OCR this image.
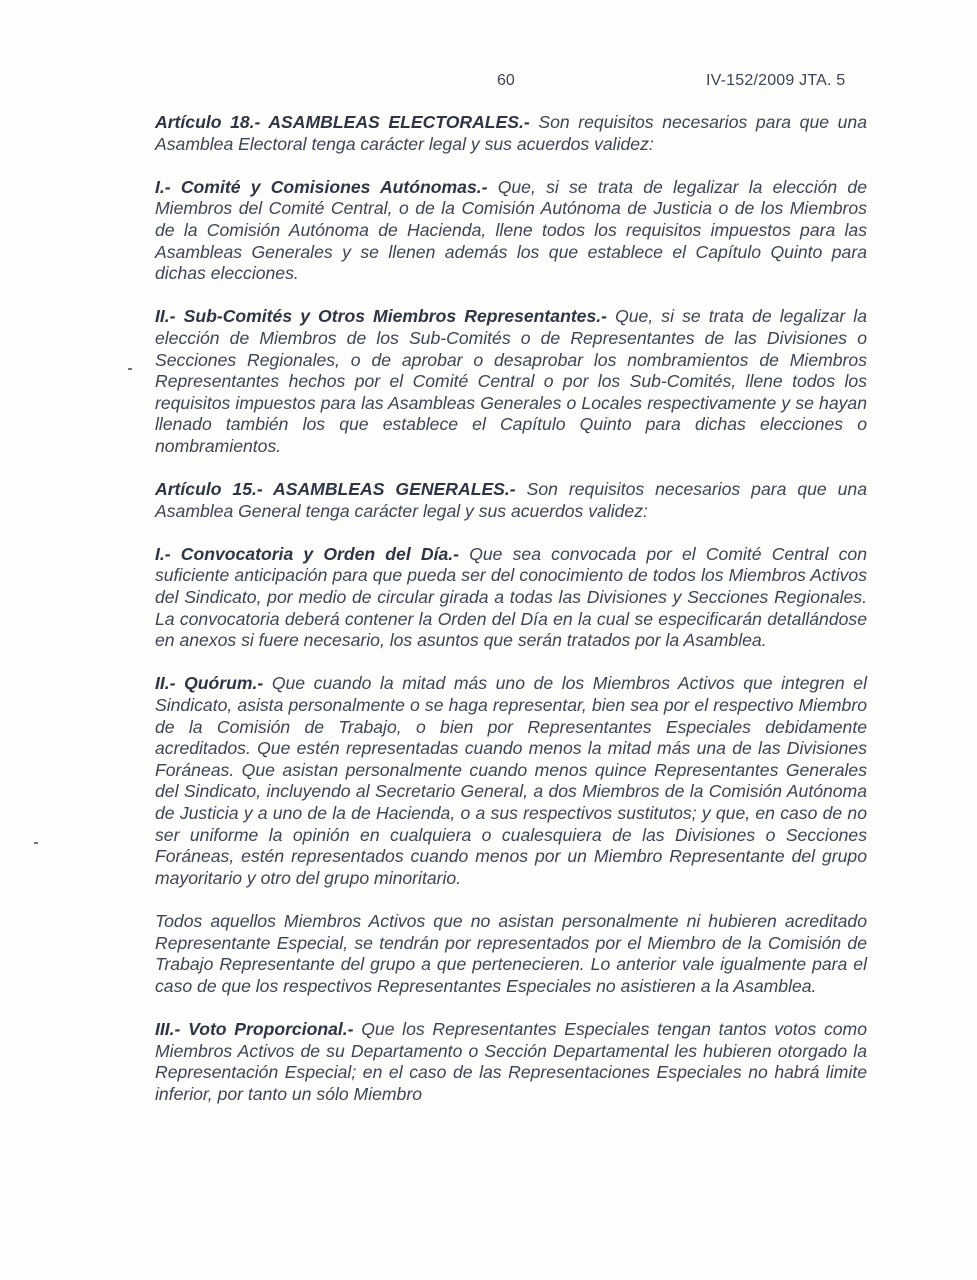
60	IV-152/2009 JTA. 5

Artículo 18.- ASAMBLEAS ELECTORALES.- Son requisitos necesarios para que una Asamblea Electoral tenga carácter legal y sus acuerdos validez:

I.- Comité y Comisiones Autónomas.- Que, si se trata de legalizar la elección de Miembros del Comité Central, o de la Comisión Autónoma de Justicia o de los Miembros de la Comisión Autónoma de Hacienda, llene todos los requisitos impuestos para las Asambleas Generales y se llenen además los que establece el Capítulo Quinto para dichas elecciones.

II.- Sub-Comités y Otros Miembros Representantes.- Que, si se trata de legalizar la elección de Miembros de los Sub-Comités o de Representantes de las Divisiones o Secciones Regionales, o de aprobar o desaprobar los nombramientos de Miembros Representantes hechos por el Comité Central o por los Sub-Comités, llene todos los requisitos impuestos para las Asambleas Generales o Locales respectivamente y se hayan llenado también los que establece el Capítulo Quinto para dichas elecciones o nombramientos.

Artículo 15.- ASAMBLEAS GENERALES.- Son requisitos necesarios para que una Asamblea General tenga carácter legal y sus acuerdos validez:

I.- Convocatoria y Orden del Día.- Que sea convocada por el Comité Central con suficiente anticipación para que pueda ser del conocimiento de todos los Miembros Activos del Sindicato, por medio de circular girada a todas las Divisiones y Secciones Regionales. La convocatoria deberá contener la Orden del Día en la cual se especificarán detallándose en anexos si fuere necesario, los asuntos que serán tratados por la Asamblea.

II.- Quórum.- Que cuando la mitad más uno de los Miembros Activos que integren el Sindicato, asista personalmente o se haga representar, bien sea por el respectivo Miembro de la Comisión de Trabajo, o bien por Representantes Especiales debidamente acreditados. Que estén representadas cuando menos la mitad más una de las Divisiones Foráneas. Que asistan personalmente cuando menos quince Representantes Generales del Sindicato, incluyendo al Secretario General, a dos Miembros de la Comisión Autónoma de Justicia y a uno de la de Hacienda, o a sus respectivos sustitutos; y que, en caso de no ser uniforme la opinión en cualquiera o cualesquiera de las Divisiones o Secciones Foráneas, estén representados cuando menos por un Miembro Representante del grupo mayoritario y otro del grupo minoritario.

Todos aquellos Miembros Activos que no asistan personalmente ni hubieren acreditado Representante Especial, se tendrán por representados por el Miembro de la Comisión de Trabajo Representante del grupo a que pertenecieren. Lo anterior vale igualmente para el caso de que los respectivos Representantes Especiales no asistieren a la Asamblea.

III.- Voto Proporcional.- Que los Representantes Especiales tengan tantos votos como Miembros Activos de su Departamento o Sección Departamental les hubieren otorgado la Representación Especial; en el caso de las Representaciones Especiales no habrá limite inferior, por tanto un sólo Miembro
